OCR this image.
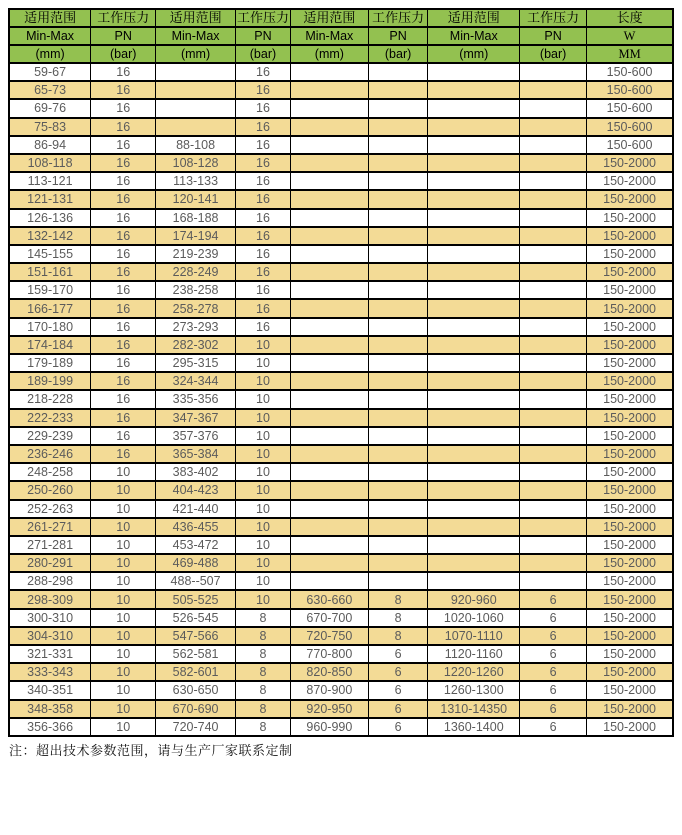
适用范围	工作压力	适用范围	工作压力	适用范围	工作压力	适用范围	工作压力	长度
Min-Max	PN	Min-Max	PN	Min-Max	PN	Min-Max	PN	W
(mm)	(bar)	(mm)	(bar)	(mm)	(bar)	(mm)	(bar)	MM
59-67	16		16					150-600
65-73	16		16					150-600
69-76	16		16					150-600
75-83	16		16					150-600
86-94	16	88-108	16					150-600
108-118	16	108-128	16					150-2000
113-121	16	113-133	16					150-2000
121-131	16	120-141	16					150-2000
126-136	16	168-188	16					150-2000
132-142	16	174-194	16					150-2000
145-155	16	219-239	16					150-2000
151-161	16	228-249	16					150-2000
159-170	16	238-258	16					150-2000
166-177	16	258-278	16					150-2000
170-180	16	273-293	16					150-2000
174-184	16	282-302	10					150-2000
179-189	16	295-315	10					150-2000
189-199	16	324-344	10					150-2000
218-228	16	335-356	10					150-2000
222-233	16	347-367	10					150-2000
229-239	16	357-376	10					150-2000
236-246	16	365-384	10					150-2000
248-258	10	383-402	10					150-2000
250-260	10	404-423	10					150-2000
252-263	10	421-440	10					150-2000
261-271	10	436-455	10					150-2000
271-281	10	453-472	10					150-2000
280-291	10	469-488	10					150-2000
288-298	10	488--507	10					150-2000
298-309	10	505-525	10	630-660	8	920-960	6	150-2000
300-310	10	526-545	8	670-700	8	1020-1060	6	150-2000
304-310	10	547-566	8	720-750	8	1070-1110	6	150-2000
321-331	10	562-581	8	770-800	6	1120-1160	6	150-2000
333-343	10	582-601	8	820-850	6	1220-1260	6	150-2000
340-351	10	630-650	8	870-900	6	1260-1300	6	150-2000
348-358	10	670-690	8	920-950	6	1310-14350	6	150-2000
356-366	10	720-740	8	960-990	6	1360-1400	6	150-2000
注：超出技术参数范围，请与生产厂家联系定制
